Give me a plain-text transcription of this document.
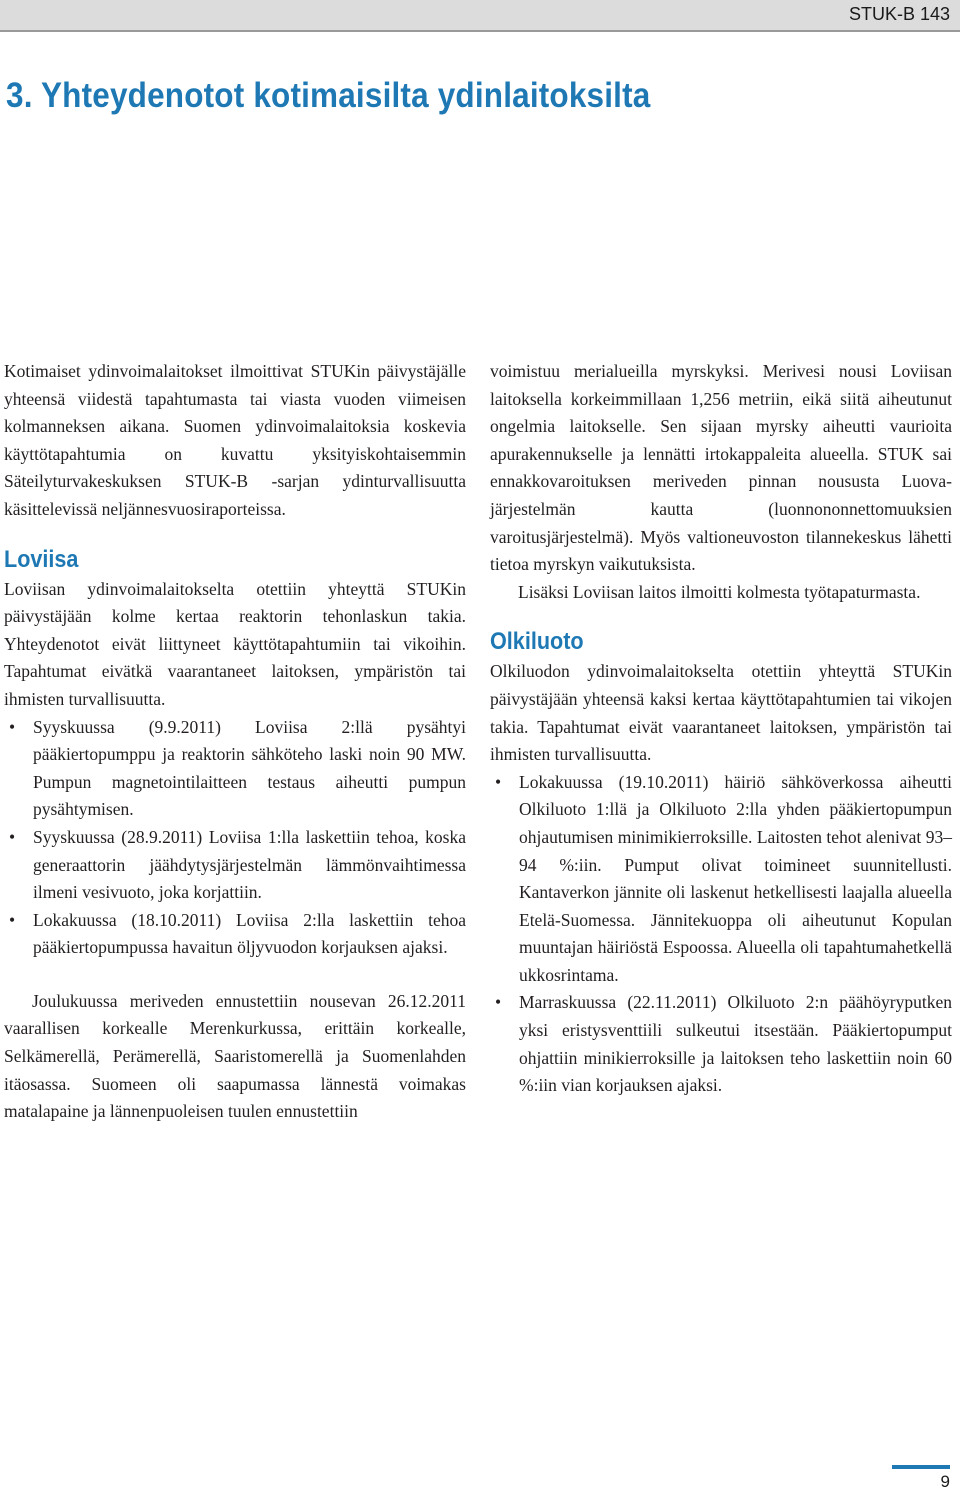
STUK-B 143
3. Yhteydenotot kotimaisilta ydinlaitoksilta

Kotimaiset ydinvoimalaitokset ilmoittivat STUKin päivystäjälle yhteensä viidestä tapahtumasta tai viasta vuoden viimeisen kolmanneksen aikana. Suomen ydinvoimalaitoksia koskevia käyttötapahtumia on kuvattu yksityiskohtaisemmin Säteilyturvakeskuksen STUK-B -sarjan ydinturvallisuutta käsittelevissä neljännesvuosiraporteissa.

Loviisa

Loviisan ydinvoimalaitokselta otettiin yhteyttä STUKin päivystäjään kolme kertaa reaktorin tehonlaskun takia. Yhteydenotot eivät liittyneet käyttötapahtumiin tai vikoihin. Tapahtumat eivätkä vaarantaneet laitoksen, ympäristön tai ihmisten turvallisuutta.

• Syyskuussa (9.9.2011) Loviisa 2:llä pysähtyi pääkiertopumppu ja reaktorin sähköteho laski noin 90 MW. Pumpun magnetointilaitteen testaus aiheutti pumpun pysähtymisen.
• Syyskuussa (28.9.2011) Loviisa 1:lla laskettiin tehoa, koska generaattorin jäähdytysjärjestelmän lämmönvaihtimessa ilmeni vesivuoto, joka korjattiin.
• Lokakuussa (18.10.2011) Loviisa 2:lla laskettiin tehoa pääkiertopumpussa havaitun öljyvuodon korjauksen ajaksi.

Joulukuussa meriveden ennustettiin nousevan 26.12.2011 vaarallisen korkealle Merenkurkussa, erittäin korkealle, Selkämerellä, Perämerellä, Saaristomerellä ja Suomenlahden itäosassa. Suomeen oli saapumassa lännestä voimakas matalapaine ja lännenpuoleisen tuulen ennustettiin

voimistuu merialueilla myrskyksi. Merivesi nousi Loviisan laitoksella korkeimmillaan 1,256 metriin, eikä siitä aiheutunut ongelmia laitokselle. Sen sijaan myrsky aiheutti vaurioita apurakennukselle ja lennätti irtokappaleita alueella. STUK sai ennakkovaroituksen meriveden pinnan noususta Luova-järjestelmän kautta (luonnononnettomuuksien varoitusjärjestelmä). Myös valtioneuvoston tilannekeskus lähetti tietoa myrskyn vaikutuksista.

Lisäksi Loviisan laitos ilmoitti kolmesta työtapaturmasta.

Olkiluoto

Olkiluodon ydinvoimalaitokselta otettiin yhteyttä STUKin päivystäjään yhteensä kaksi kertaa käyttötapahtumien tai vikojen takia. Tapahtumat eivät vaarantaneet laitoksen, ympäristön tai ihmisten turvallisuutta.

• Lokakuussa (19.10.2011) häiriö sähköverkossa aiheutti Olkiluoto 1:llä ja Olkiluoto 2:lla yhden pääkiertopumpun ohjautumisen minimikierroksille. Laitosten tehot alenivat 93–94 %:iin. Pumput olivat toimineet suunnitellusti. Kantaverkon jännite oli laskenut hetkellisesti laajalla alueella Etelä-Suomessa. Jännitekuoppa oli aiheutunut Kopulan muuntajan häiriöstä Espoossa. Alueella oli tapahtumahetkellä ukkosrintama.
• Marraskuussa (22.11.2011) Olkiluoto 2:n päähöyryputken yksi eristysventtiili sulkeutui itsestään. Pääkiertopumput ohjattiin minikierroksille ja laitoksen teho laskettiin noin 60 %:iin vian korjauksen ajaksi.
9
